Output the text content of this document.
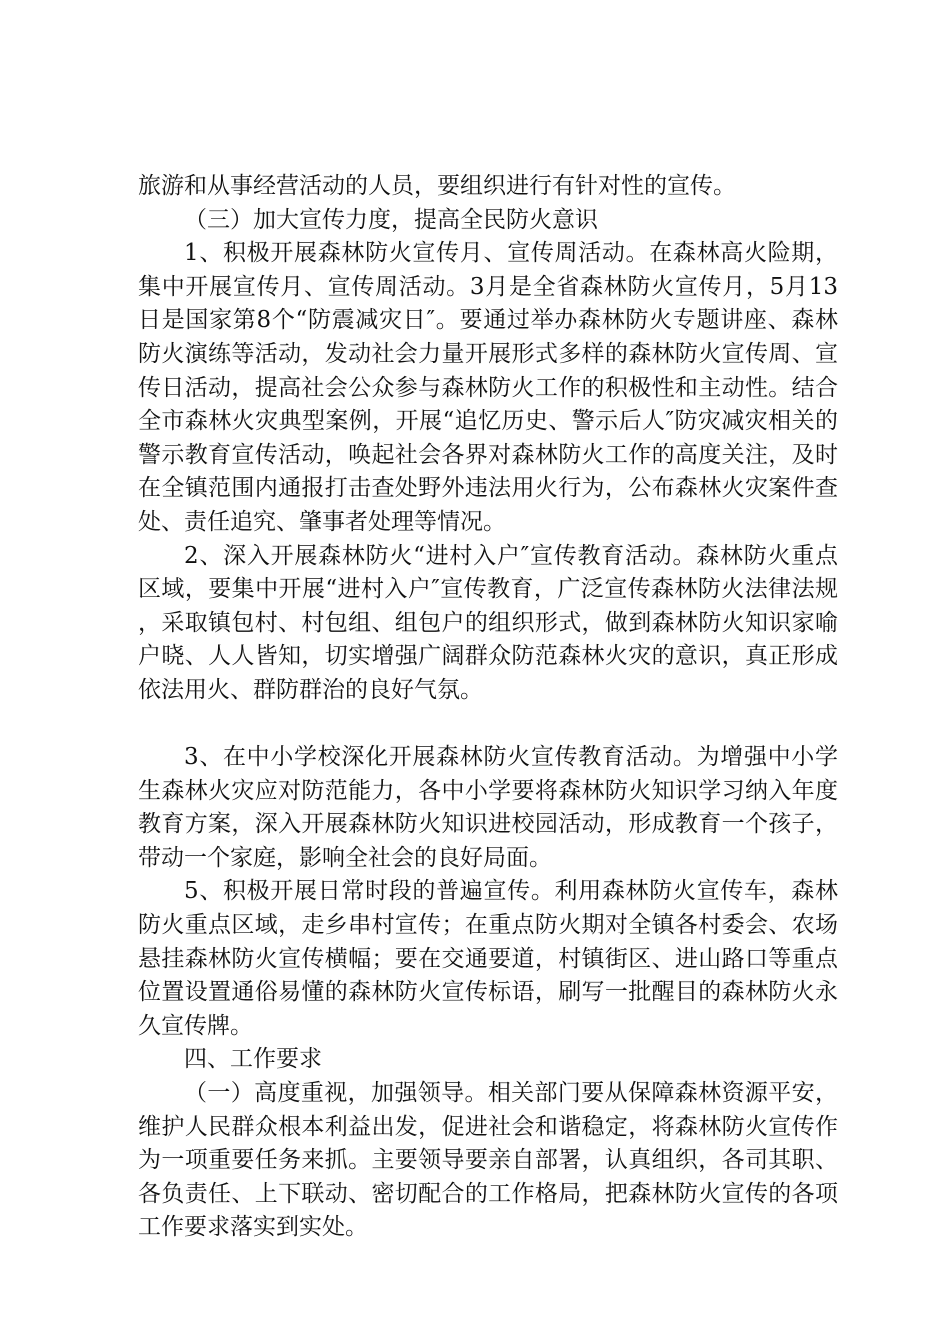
旅游和从事经营活动的人员，要组织进行有针对性的宣传。

（三）加大宣传力度，提高全民防火意识

1、积极开展森林防火宣传月、宣传周活动。在森林高火险期，集中开展宣传月、宣传周活动。3月是全省森林防火宣传月，5月13日是国家第8个“防震减灾日″。要通过举办森林防火专题讲座、森林防火演练等活动，发动社会力量开展形式多样的森林防火宣传周、宣传日活动，提高社会公众参与森林防火工作的积极性和主动性。结合全市森林火灾典型案例，开展“追忆历史、警示后人″防灾减灾相关的警示教育宣传活动，唤起社会各界对森林防火工作的高度关注，及时在全镇范围内通报打击查处野外违法用火行为，公布森林火灾案件查处、责任追究、肇事者处理等情况。

2、深入开展森林防火“进村入户″宣传教育活动。森林防火重点区域，要集中开展“进村入户″宣传教育，广泛宣传森林防火法律法规，采取镇包村、村包组、组包户的组织形式，做到森林防火知识家喻户晓、人人皆知，切实增强广阔群众防范森林火灾的意识，真正形成依法用火、群防群治的良好气氛。

3、在中小学校深化开展森林防火宣传教育活动。为增强中小学生森林火灾应对防范能力，各中小学要将森林防火知识学习纳入年度教育方案，深入开展森林防火知识进校园活动，形成教育一个孩子，带动一个家庭，影响全社会的良好局面。

5、积极开展日常时段的普遍宣传。利用森林防火宣传车，森林防火重点区域，走乡串村宣传；在重点防火期对全镇各村委会、农场悬挂森林防火宣传横幅；要在交通要道，村镇街区、进山路口等重点位置设置通俗易懂的森林防火宣传标语，刷写一批醒目的森林防火永久宣传牌。

四、工作要求

（一）高度重视，加强领导。相关部门要从保障森林资源平安，维护人民群众根本利益出发，促进社会和谐稳定，将森林防火宣传作为一项重要任务来抓。主要领导要亲自部署，认真组织，各司其职、各负责任、上下联动、密切配合的工作格局，把森林防火宣传的各项工作要求落实到实处。
